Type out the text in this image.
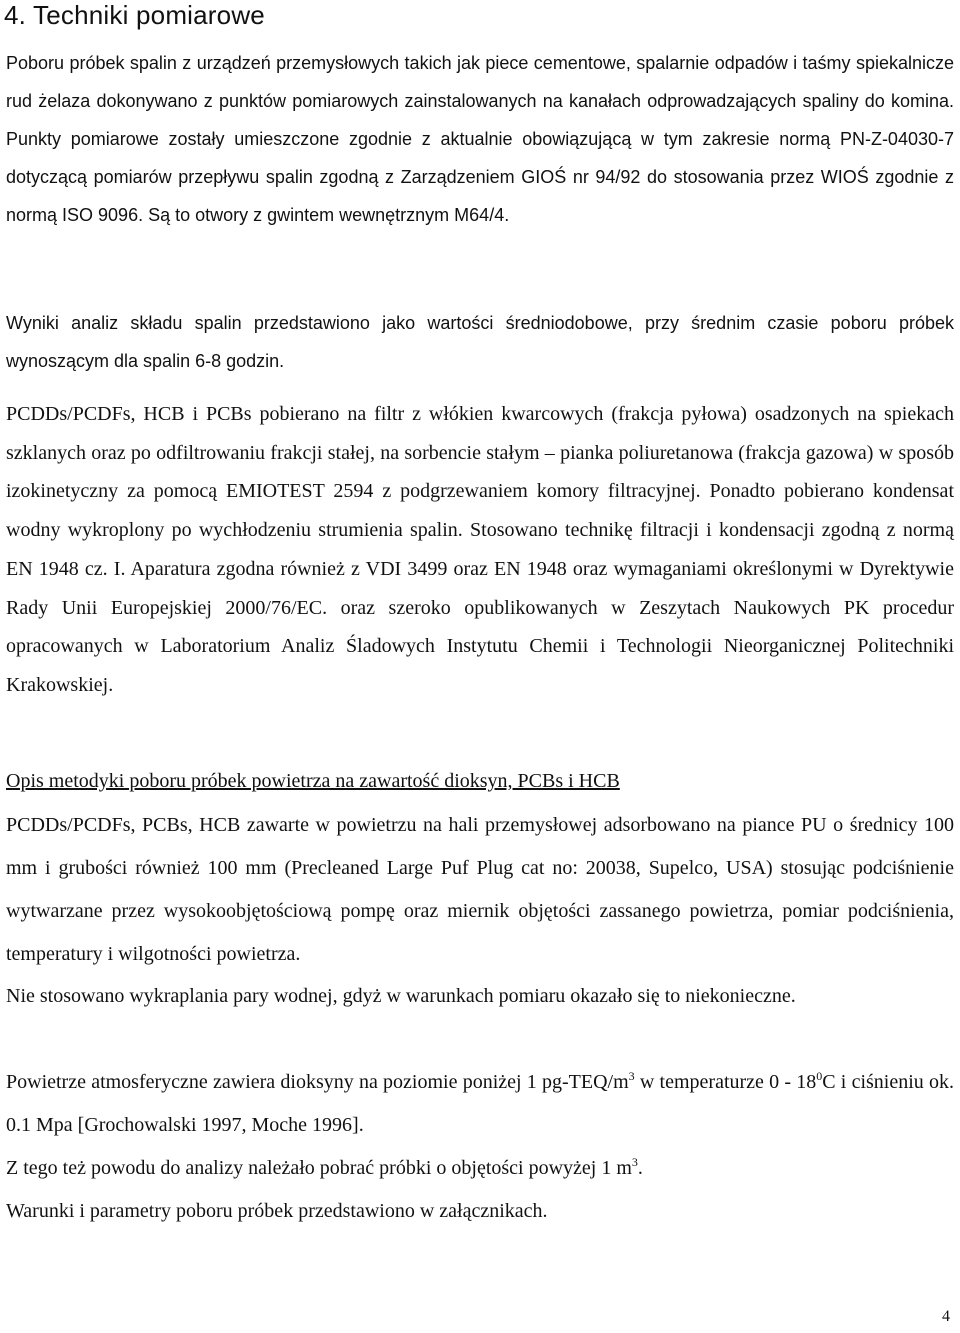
4. Techniki pomiarowe

Poboru próbek spalin z urządzeń przemysłowych takich jak piece cementowe, spalarnie odpadów i taśmy spiekalnicze rud żelaza dokonywano z punktów pomiarowych zainstalowanych na kanałach odprowadzających spaliny do komina. Punkty pomiarowe zostały umieszczone zgodnie z aktualnie obowiązującą w tym zakresie normą PN-Z-04030-7 dotyczącą pomiarów przepływu spalin zgodną z Zarządzeniem GIOŚ nr 94/92 do stosowania przez WIOŚ zgodnie z normą ISO 9096. Są to otwory z gwintem wewnętrznym M64/4.

Wyniki analiz składu spalin przedstawiono jako wartości średniodobowe, przy średnim czasie poboru próbek wynoszącym dla spalin 6-8 godzin.

PCDDs/PCDFs, HCB i PCBs pobierano na filtr z włókien kwarcowych (frakcja pyłowa) osadzonych na spiekach szklanych oraz po odfiltrowaniu frakcji stałej, na sorbencie stałym – pianka poliuretanowa (frakcja gazowa) w sposób izokinetyczny za pomocą EMIOTEST 2594 z podgrzewaniem komory filtracyjnej. Ponadto pobierano kondensat wodny wykroplony po wychłodzeniu strumienia spalin. Stosowano technikę filtracji i kondensacji zgodną z normą EN 1948 cz. I. Aparatura zgodna również z VDI 3499 oraz EN 1948 oraz wymaganiami określonymi w Dyrektywie Rady Unii Europejskiej 2000/76/EC. oraz szeroko opublikowanych w Zeszytach Naukowych PK procedur opracowanych w Laboratorium Analiz Śladowych Instytutu Chemii i Technologii Nieorganicznej Politechniki Krakowskiej.

Opis metodyki poboru próbek powietrza na zawartość dioksyn, PCBs i HCB

PCDDs/PCDFs, PCBs, HCB zawarte w powietrzu na hali przemysłowej adsorbowano na piance PU o średnicy 100 mm i grubości również 100 mm (Precleaned Large Puf Plug cat no: 20038, Supelco, USA) stosując podciśnienie wytwarzane przez wysokoobjętościową pompę oraz miernik objętości zassanego powietrza, pomiar podciśnienia, temperatury i wilgotności powietrza.

Nie stosowano wykraplania pary wodnej, gdyż w warunkach pomiaru okazało się to niekonieczne.

Powietrze atmosferyczne zawiera dioksyny na poziomie poniżej 1 $pg-TEQ/m^3$ w temperaturze $0 - 18^0C$ i ciśnieniu ok. 0.1 Mpa [Grochowalski 1997, Moche 1996].

Z tego też powodu do analizy należało pobrać próbki o objętości powyżej 1 $m^3$.

Warunki i parametry poboru próbek przedstawiono w załącznikach.

4
